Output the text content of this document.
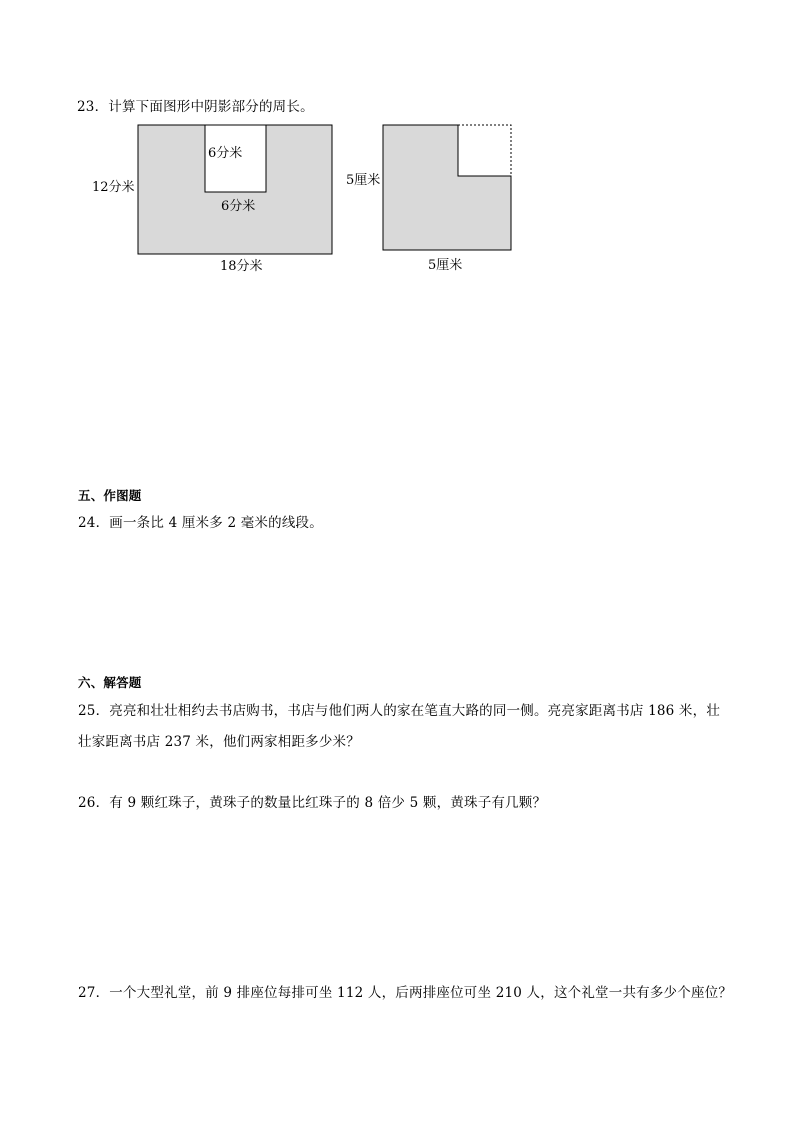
23．计算下面图形中阴影部分的周长。
6分米
6分米
12分米
18分米
5厘米
5厘米
五、作图题
24．画一条比 4 厘米多 2 毫米的线段。
六、解答题
25．亮亮和壮壮相约去书店购书，书店与他们两人的家在笔直大路的同一侧。亮亮家距离书店 186 米，壮
壮家距离书店 237 米，他们两家相距多少米？
26．有 9 颗红珠子，黄珠子的数量比红珠子的 8 倍少 5 颗，黄珠子有几颗？
27．一个大型礼堂，前 9 排座位每排可坐 112 人，后两排座位可坐 210 人，这个礼堂一共有多少个座位？
